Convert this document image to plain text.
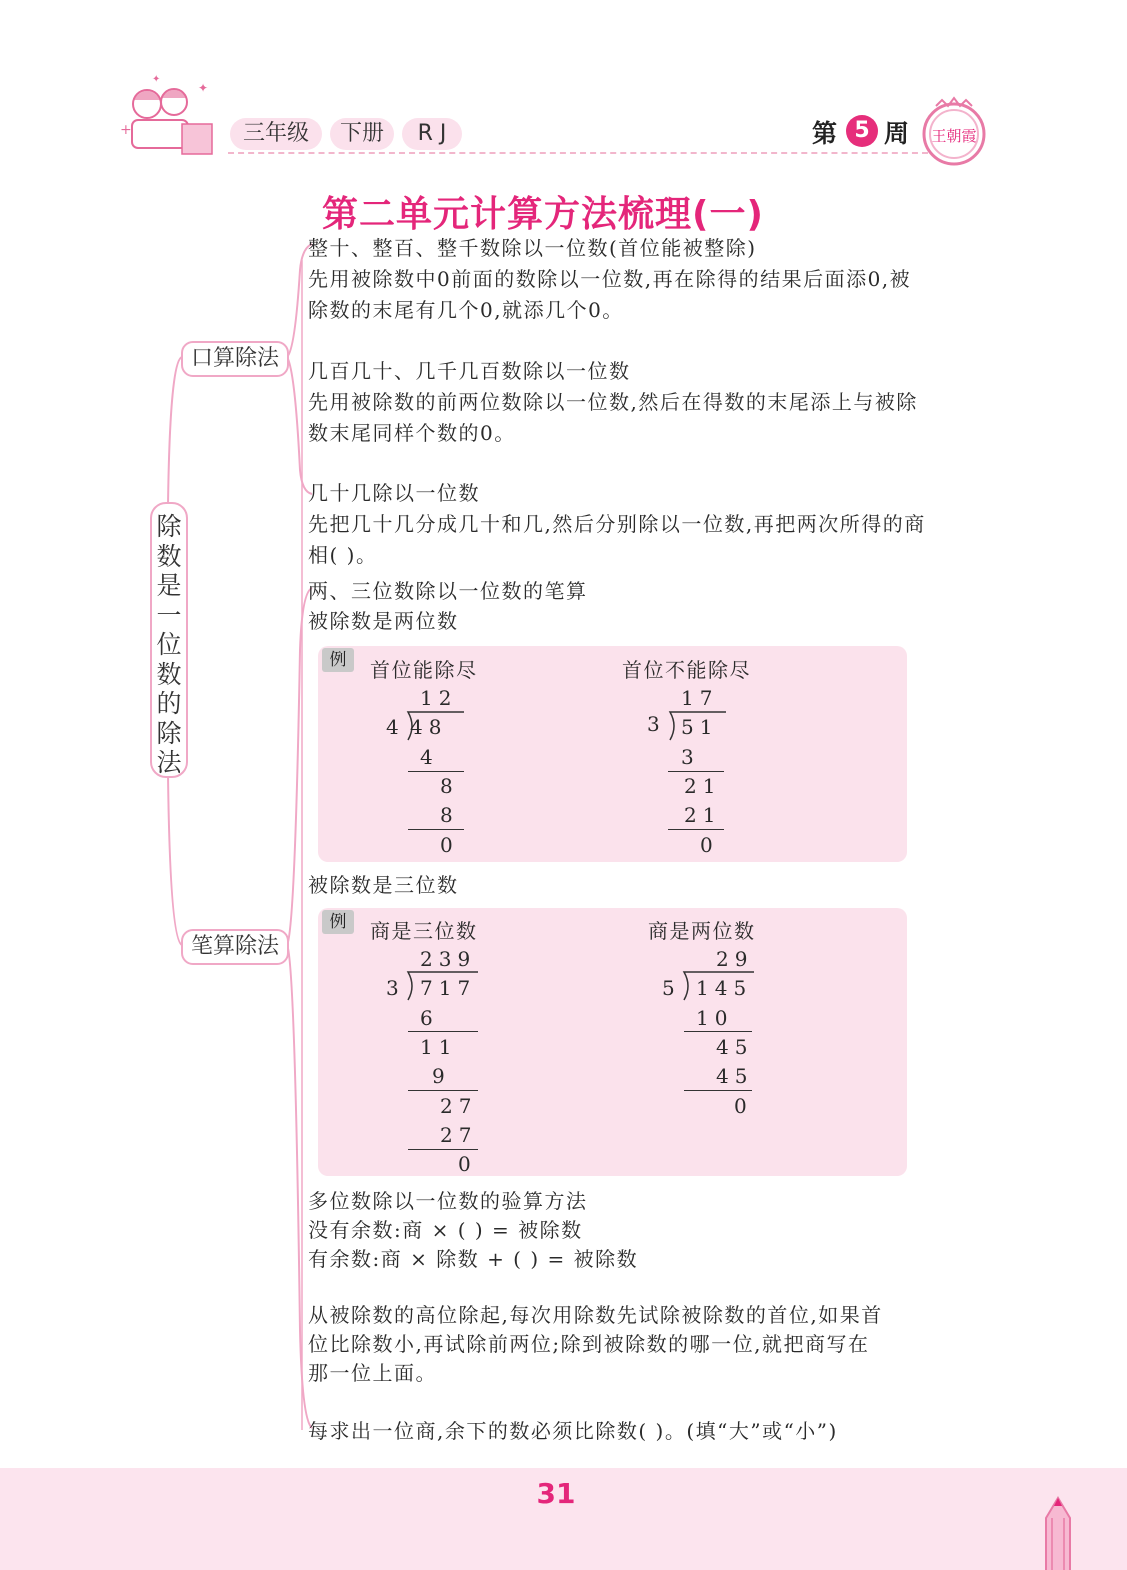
+
✦
✦
三年级	下册	R J	第 5 周 王朝霞
第二单元计算方法梳理(一)
除数是一位数的除法
口算除法
笔算除法
整十、整百、整千数除以一位数(首位能被整除)
先用被除数中0前面的数除以一位数,再在除得的结果后面添0,被
除数的末尾有几个0,就添几个0。
几百几十、几千几百数除以一位数
先用被除数的前两位数除以一位数,然后在得数的末尾添上与被除
数末尾同样个数的0。
几十几除以一位数
先把几十几分成几十和几,然后分别除以一位数,再把两次所得的商
相( )。
两、三位数除以一位数的笔算
被除数是两位数
例	首位能除尽	首位不能除尽
12
4 48
4
8
8
0
17
3 51
3
21
21
0
被除数是三位数
例	商是三位数	商是两位数
239
3 717
6
11
9
27
27
0
29
5 145
10
45
45
0
多位数除以一位数的验算方法
没有余数:商 × ( ) = 被除数
有余数:商 × 除数 + ( ) = 被除数
从被除数的高位除起,每次用除数先试除被除数的首位,如果首
位比除数小,再试除前两位;除到被除数的哪一位,就把商写在
那一位上面。
每求出一位商,余下的数必须比除数( )。(填“大”或“小”)
31
